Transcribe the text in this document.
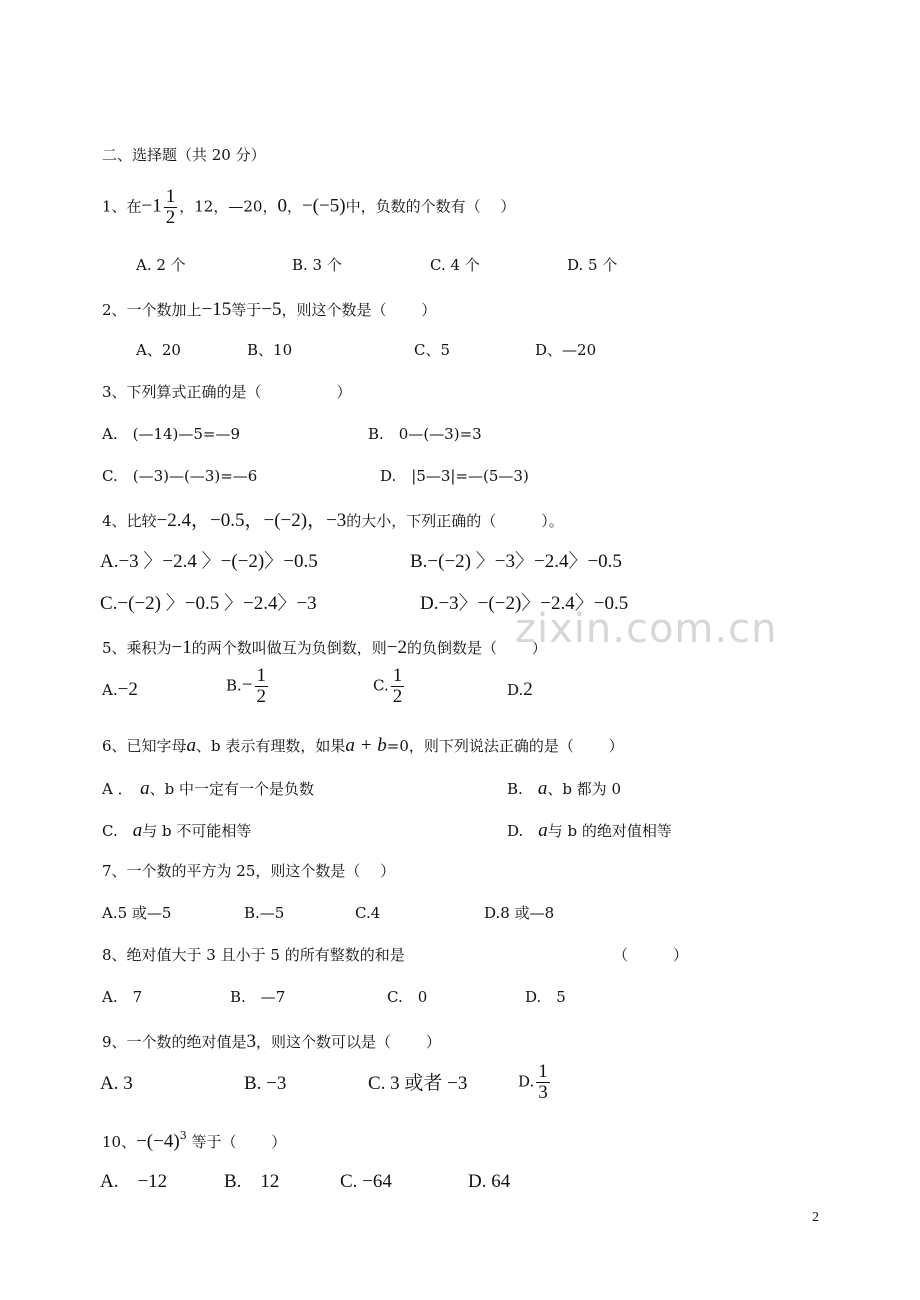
二、选择题（共 20 分）
1、在$-1 \frac{1}{2}$ ，12，—20，0，−(−5)中，负数的个数有（　 ）
A. 2 个	B. 3 个	C. 4 个	D. 5 个
2、一个数加上−15等于−5，则这个数是（　　 ）
A、20	B、10	C、5	D、—20
3、下列算式正确的是（　　　　　）
A.　(—14)—5=—9	B.　0—(—3)=3
C.　(—3)—(—3)=—6	D.　|5—3|=—(5—3)
4、比较−2.4，−0.5，−(−2)，−3的大小，下列正确的（　　　）。
A.−3 〉−2.4 〉−(−2)〉−0.5	B.−(−2) 〉−3〉−2.4〉−0.5
C.−(−2) 〉−0.5 〉−2.4〉−3	D.−3〉−(−2)〉−2.4〉−0.5
5、乘积为−1的两个数叫做互为负倒数，则−2的负倒数是（　　 ）
A.−2	$B.- \frac{1}{2}$	C. $\frac{1}{2}$	D.2
6、已知字母a、b 表示有理数，如果a + b=0，则下列说法正确的是（　　 ）
A ．　 a、b 中一定有一个是负数	B.　 a、b 都为 0
C.　 a与 b 不可能相等	D.　 a与 b 的绝对值相等
7、一个数的平方为 25，则这个数是（　 ）
A.5 或—5	B.—5	C.4	D.8 或—8
8、绝对值大于 3 且小于 5 的所有整数的和是	（　　　）
A.　7	B.　—7	C.　0	D.　5
9、一个数的绝对值是3，则这个数可以是（　　 ）
A. 3	B. −3	C. 3 或者 −3	D. $\frac{1}{3}$
10、$-(-4)^3$ 等于（　　 ）
A.　−12	B.　12	C. −64	D. 64
zixin.com.cn
2
